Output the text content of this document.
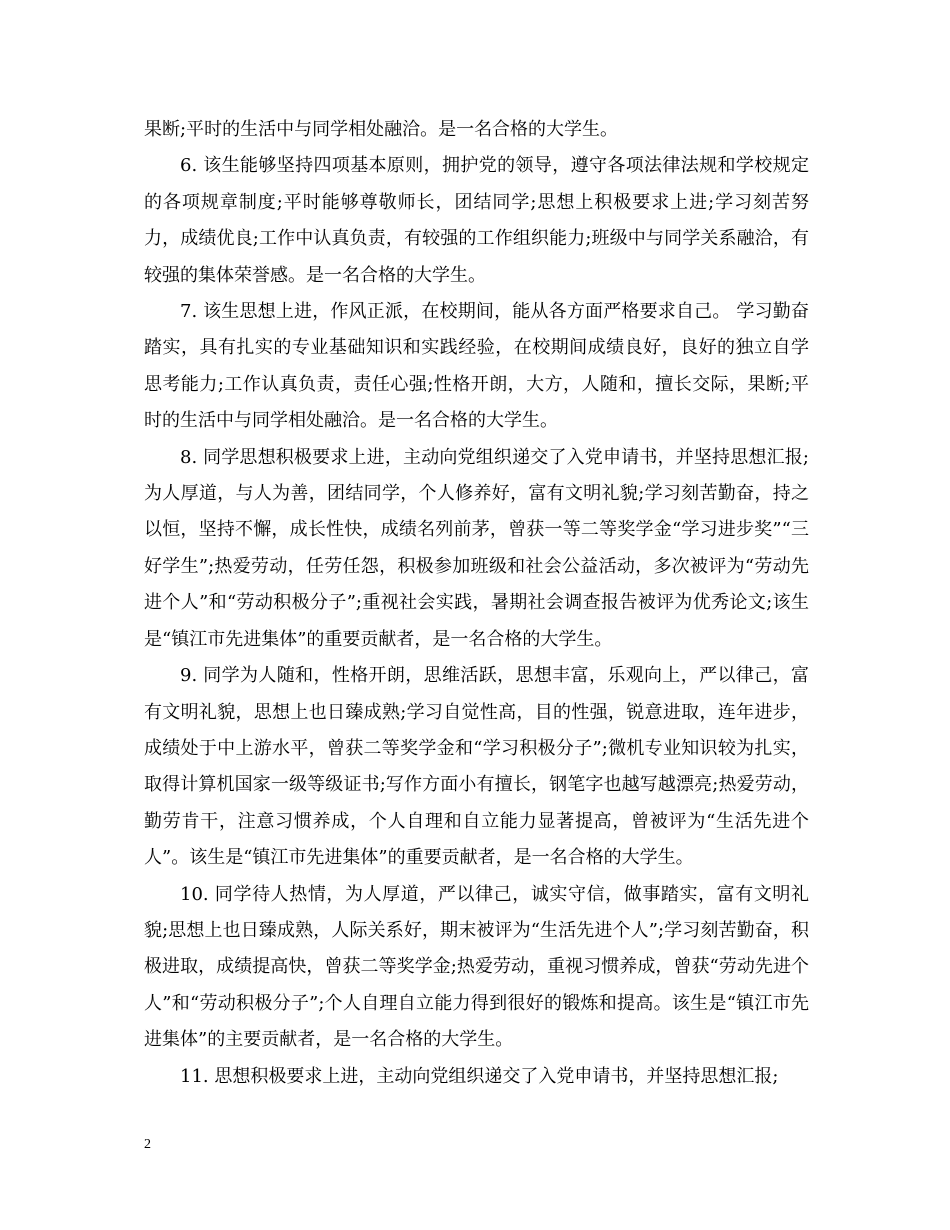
果断;平时的生活中与同学相处融洽。是一名合格的大学生。

6. 该生能够坚持四项基本原则，拥护党的领导，遵守各项法律法规和学校规定的各项规章制度;平时能够尊敬师长，团结同学;思想上积极要求上进;学习刻苦努力，成绩优良;工作中认真负责，有较强的工作组织能力;班级中与同学关系融洽，有较强的集体荣誉感。是一名合格的大学生。

7. 该生思想上进，作风正派，在校期间，能从各方面严格要求自己。 学习勤奋踏实，具有扎实的专业基础知识和实践经验，在校期间成绩良好，良好的独立自学思考能力;工作认真负责，责任心强;性格开朗，大方，人随和，擅长交际，果断;平时的生活中与同学相处融洽。是一名合格的大学生。

8. 同学思想积极要求上进，主动向党组织递交了入党申请书，并坚持思想汇报;为人厚道，与人为善，团结同学，个人修养好，富有文明礼貌;学习刻苦勤奋，持之以恒，坚持不懈，成长性快，成绩名列前茅，曾获一等二等奖学金“学习进步奖”“三好学生”;热爱劳动，任劳任怨，积极参加班级和社会公益活动，多次被评为“劳动先进个人”和“劳动积极分子”;重视社会实践，暑期社会调查报告被评为优秀论文;该生是“镇江市先进集体”的重要贡献者，是一名合格的大学生。

9. 同学为人随和，性格开朗，思维活跃，思想丰富，乐观向上，严以律己，富有文明礼貌，思想上也日臻成熟;学习自觉性高，目的性强，锐意进取，连年进步，成绩处于中上游水平，曾获二等奖学金和“学习积极分子”;微机专业知识较为扎实，取得计算机国家一级等级证书;写作方面小有擅长，钢笔字也越写越漂亮;热爱劳动，勤劳肯干，注意习惯养成，个人自理和自立能力显著提高，曾被评为“生活先进个人”。该生是“镇江市先进集体”的重要贡献者，是一名合格的大学生。

10. 同学待人热情，为人厚道，严以律己，诚实守信，做事踏实，富有文明礼貌;思想上也日臻成熟，人际关系好，期末被评为“生活先进个人”;学习刻苦勤奋，积极进取，成绩提高快，曾获二等奖学金;热爱劳动，重视习惯养成，曾获“劳动先进个人”和“劳动积极分子”;个人自理自立能力得到很好的锻炼和提高。该生是“镇江市先进集体”的主要贡献者，是一名合格的大学生。

11. 思想积极要求上进，主动向党组织递交了入党申请书，并坚持思想汇报;

2
